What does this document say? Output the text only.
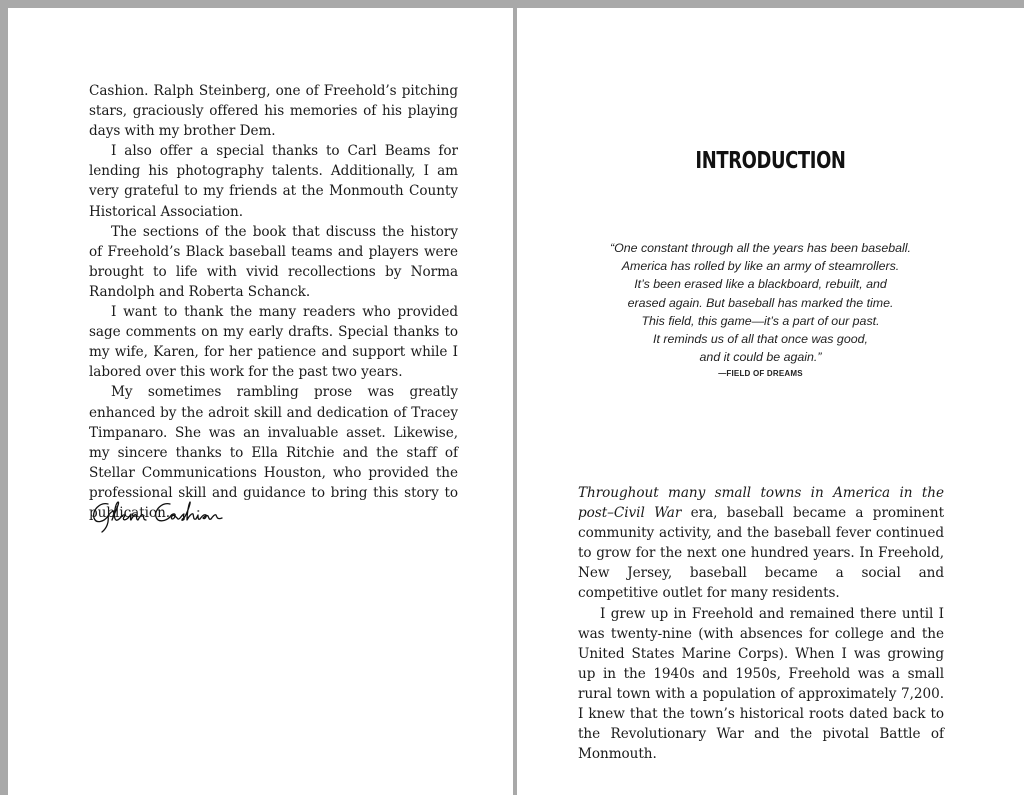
Cashion. Ralph Steinberg, one of Freehold’s pitching stars, graciously offered his memories of his playing days with my brother Dem.

I also offer a special thanks to Carl Beams for lending his photography talents. Additionally, I am very grateful to my friends at the Monmouth County Historical Association.

The sections of the book that discuss the history of Freehold’s Black baseball teams and players were brought to life with vivid recollections by Norma Randolph and Roberta Schanck.

I want to thank the many readers who provided sage comments on my early drafts. Special thanks to my wife, Karen, for her patience and support while I labored over this work for the past two years.

My sometimes rambling prose was greatly enhanced by the adroit skill and dedication of Tracey Timpanaro. She was an invaluable asset. Likewise, my sincere thanks to Ella Ritchie and the staff of Stellar Communications Houston, who provided the professional skill and guidance to bring this story to publication.

INTRODUCTION

“One constant through all the years has been baseball.

America has rolled by like an army of steamrollers.

It’s been erased like a blackboard, rebuilt, and

erased again. But baseball has marked the time.

This field, this game—it’s a part of our past.

It reminds us of all that once was good,

and it could be again.”

—FIELD OF DREAMS

Throughout many small towns in America in the post–Civil War era, baseball became a prominent community activity, and the baseball fever continued to grow for the next one hundred years. In Freehold, New Jersey, baseball became a social and competitive outlet for many residents.

I grew up in Freehold and remained there until I was twenty-nine (with absences for college and the United States Marine Corps). When I was growing up in the 1940s and 1950s, Freehold was a small rural town with a population of approximately 7,200. I knew that the town’s historical roots dated back to the Revolutionary War and the pivotal Battle of Monmouth.
